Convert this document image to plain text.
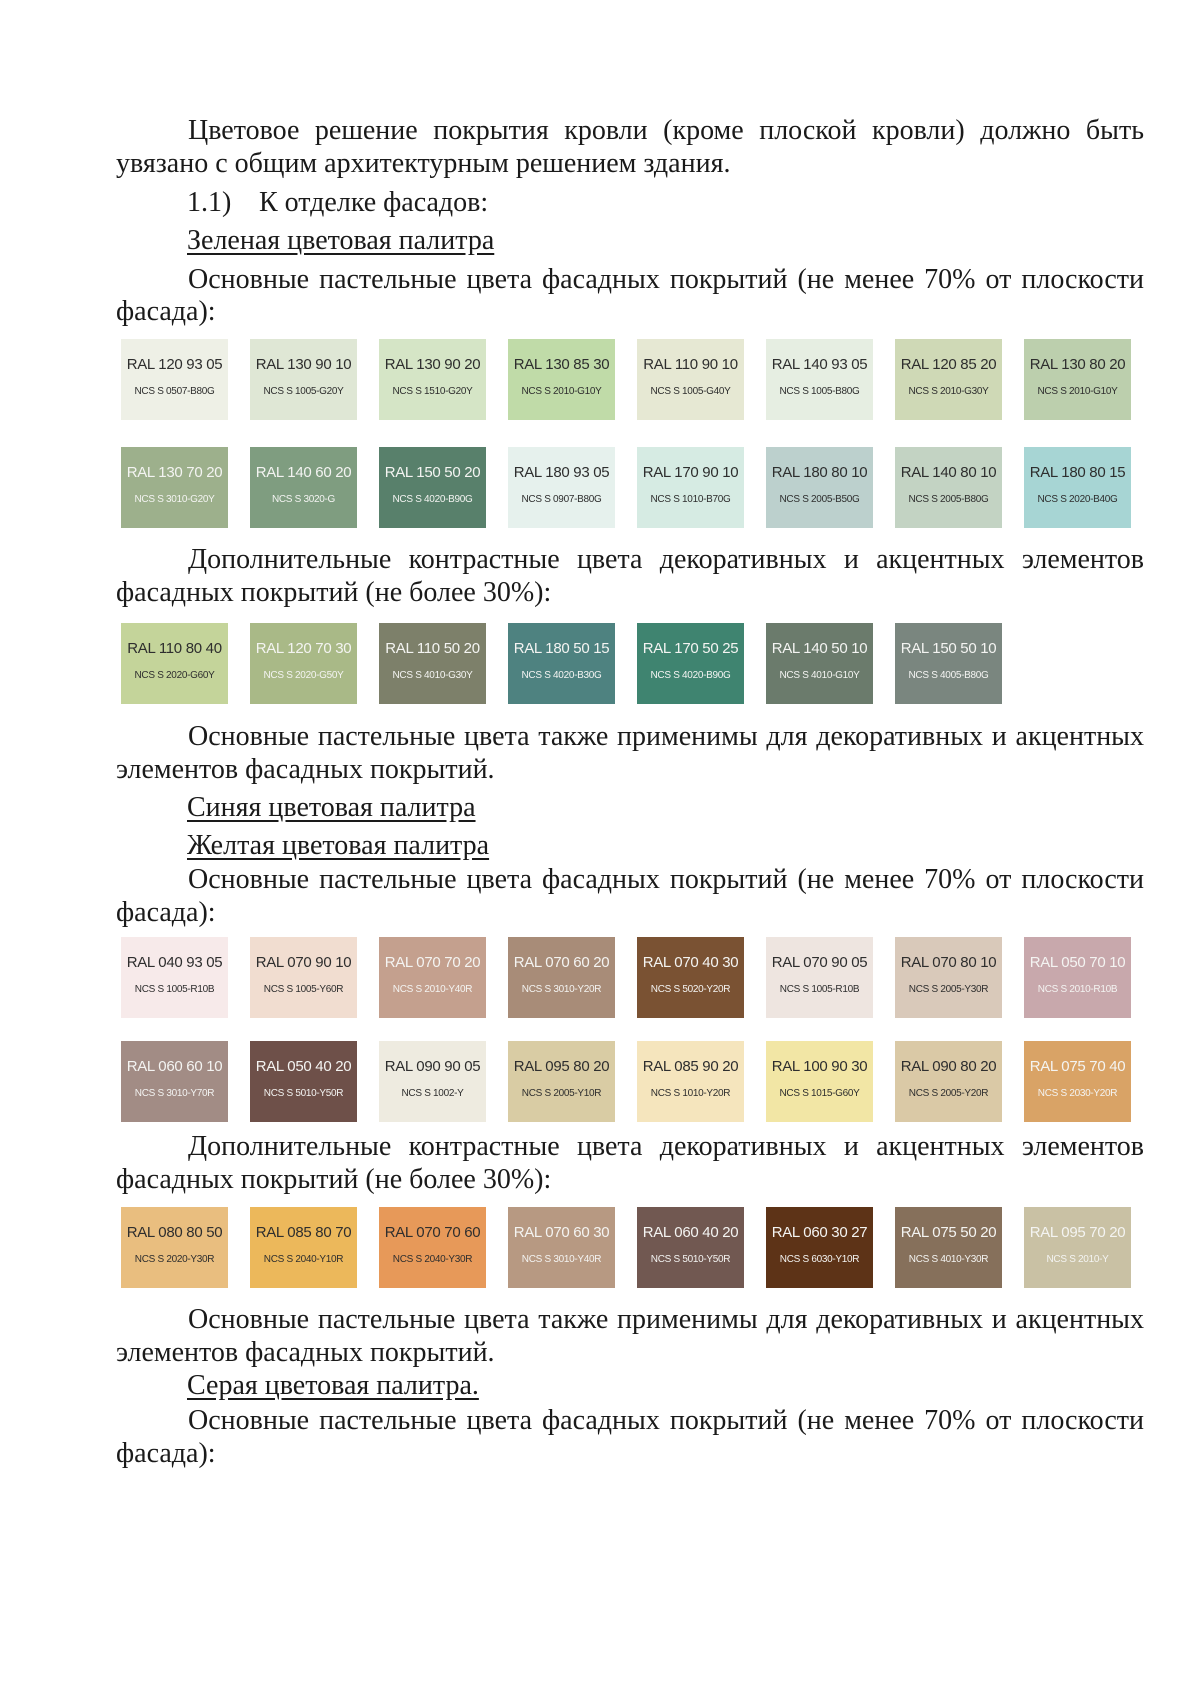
Цветовое решение покрытия кровли (кроме плоской кровли) должно быть

увязано с общим архитектурным решением здания.

1.1) К отделке фасадов:

Зеленая цветовая палитра

Основные пастельные цвета фасадных покрытий (не менее 70% от плоскости

фасада):

RAL 120 93 05
NCS S 0507-B80G
RAL 130 90 10
NCS S 1005-G20Y
RAL 130 90 20
NCS S 1510-G20Y
RAL 130 85 30
NCS S 2010-G10Y
RAL 110 90 10
NCS S 1005-G40Y
RAL 140 93 05
NCS S 1005-B80G
RAL 120 85 20
NCS S 2010-G30Y
RAL 130 80 20
NCS S 2010-G10Y
RAL 130 70 20
NCS S 3010-G20Y
RAL 140 60 20
NCS S 3020-G
RAL 150 50 20
NCS S 4020-B90G
RAL 180 93 05
NCS S 0907-B80G
RAL 170 90 10
NCS S 1010-B70G
RAL 180 80 10
NCS S 2005-B50G
RAL 140 80 10
NCS S 2005-B80G
RAL 180 80 15
NCS S 2020-B40G

Дополнительные контрастные цвета декоративных и акцентных элементов

фасадных покрытий (не более 30%):

RAL 110 80 40
NCS S 2020-G60Y
RAL 120 70 30
NCS S 2020-G50Y
RAL 110 50 20
NCS S 4010-G30Y
RAL 180 50 15
NCS S 4020-B30G
RAL 170 50 25
NCS S 4020-B90G
RAL 140 50 10
NCS S 4010-G10Y
RAL 150 50 10
NCS S 4005-B80G

Основные пастельные цвета также применимы для декоративных и акцентных

элементов фасадных покрытий.

Синяя цветовая палитра

Желтая цветовая палитра

Основные пастельные цвета фасадных покрытий (не менее 70% от плоскости

фасада):

RAL 040 93 05
NCS S 1005-R10B
RAL 070 90 10
NCS S 1005-Y60R
RAL 070 70 20
NCS S 2010-Y40R
RAL 070 60 20
NCS S 3010-Y20R
RAL 070 40 30
NCS S 5020-Y20R
RAL 070 90 05
NCS S 1005-R10B
RAL 070 80 10
NCS S 2005-Y30R
RAL 050 70 10
NCS S 2010-R10B
RAL 060 60 10
NCS S 3010-Y70R
RAL 050 40 20
NCS S 5010-Y50R
RAL 090 90 05
NCS S 1002-Y
RAL 095 80 20
NCS S 2005-Y10R
RAL 085 90 20
NCS S 1010-Y20R
RAL 100 90 30
NCS S 1015-G60Y
RAL 090 80 20
NCS S 2005-Y20R
RAL 075 70 40
NCS S 2030-Y20R

Дополнительные контрастные цвета декоративных и акцентных элементов

фасадных покрытий (не более 30%):

RAL 080 80 50
NCS S 2020-Y30R
RAL 085 80 70
NCS S 2040-Y10R
RAL 070 70 60
NCS S 2040-Y30R
RAL 070 60 30
NCS S 3010-Y40R
RAL 060 40 20
NCS S 5010-Y50R
RAL 060 30 27
NCS S 6030-Y10R
RAL 075 50 20
NCS S 4010-Y30R
RAL 095 70 20
NCS S 2010-Y

Основные пастельные цвета также применимы для декоративных и акцентных

элементов фасадных покрытий.

Серая цветовая палитра.

Основные пастельные цвета фасадных покрытий (не менее 70% от плоскости

фасада):
